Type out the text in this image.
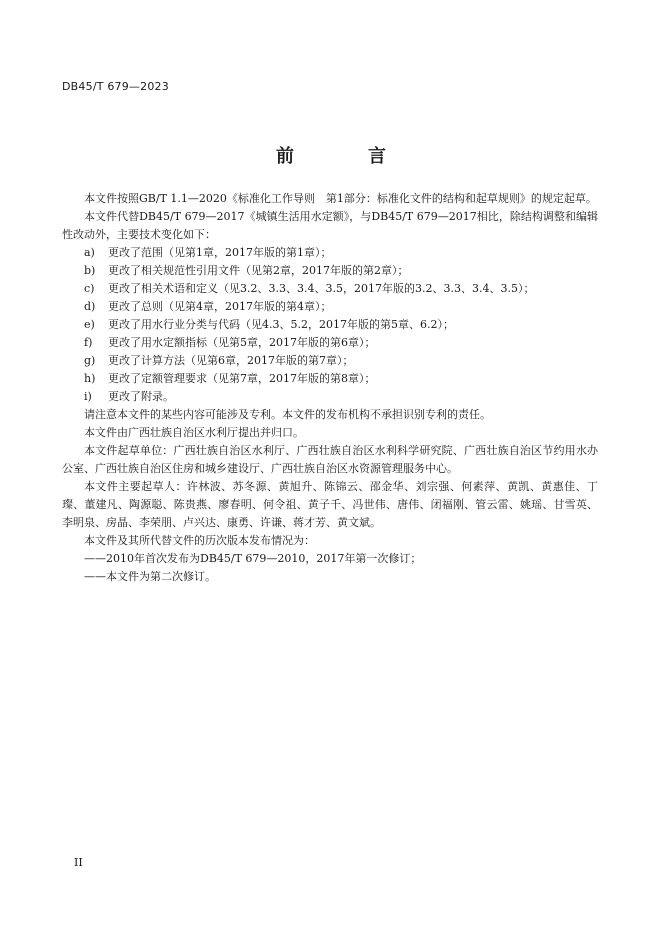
DB45/T 679—2023
前　言

本文件按照GB/T 1.1—2020《标准化工作导则　第1部分：标准化文件的结构和起草规则》的规定起草。

本文件代替DB45/T 679—2017《城镇生活用水定额》，与DB45/T 679—2017相比，除结构调整和编辑性改动外，主要技术变化如下：

a) 更改了范围（见第1章，2017年版的第1章）；

b) 更改了相关规范性引用文件（见第2章，2017年版的第2章）；

c) 更改了相关术语和定义（见3.2、3.3、3.4、3.5，2017年版的3.2、3.3、3.4、3.5）；

d) 更改了总则（见第4章，2017年版的第4章）；

e) 更改了用水行业分类与代码（见4.3、5.2，2017年版的第5章、6.2）；

f) 更改了用水定额指标（见第5章，2017年版的第6章）；

g) 更改了计算方法（见第6章，2017年版的第7章）；

h) 更改了定额管理要求（见第7章，2017年版的第8章）；

i) 更改了附录。

请注意本文件的某些内容可能涉及专利。本文件的发布机构不承担识别专利的责任。

本文件由广西壮族自治区水利厅提出并归口。

本文件起草单位：广西壮族自治区水利厅、广西壮族自治区水利科学研究院、广西壮族自治区节约用水办公室、广西壮族自治区住房和城乡建设厅、广西壮族自治区水资源管理服务中心。

本文件主要起草人：许林波、苏冬源、黄旭升、陈锦云、邵金华、刘宗强、何素萍、黄凯、黄惠佳、丁璨、董建凡、陶源聪、陈贵燕、廖春明、何令祖、黄子千、冯世伟、唐伟、闭福刚、管云雷、姚瑶、甘雪英、李明泉、房晶、李荣朋、卢兴达、康勇、许谦、蒋才芳、黄文斌。

本文件及其所代替文件的历次版本发布情况为：

——2010年首次发布为DB45/T 679—2010，2017年第一次修订；

——本文件为第二次修订。

II
